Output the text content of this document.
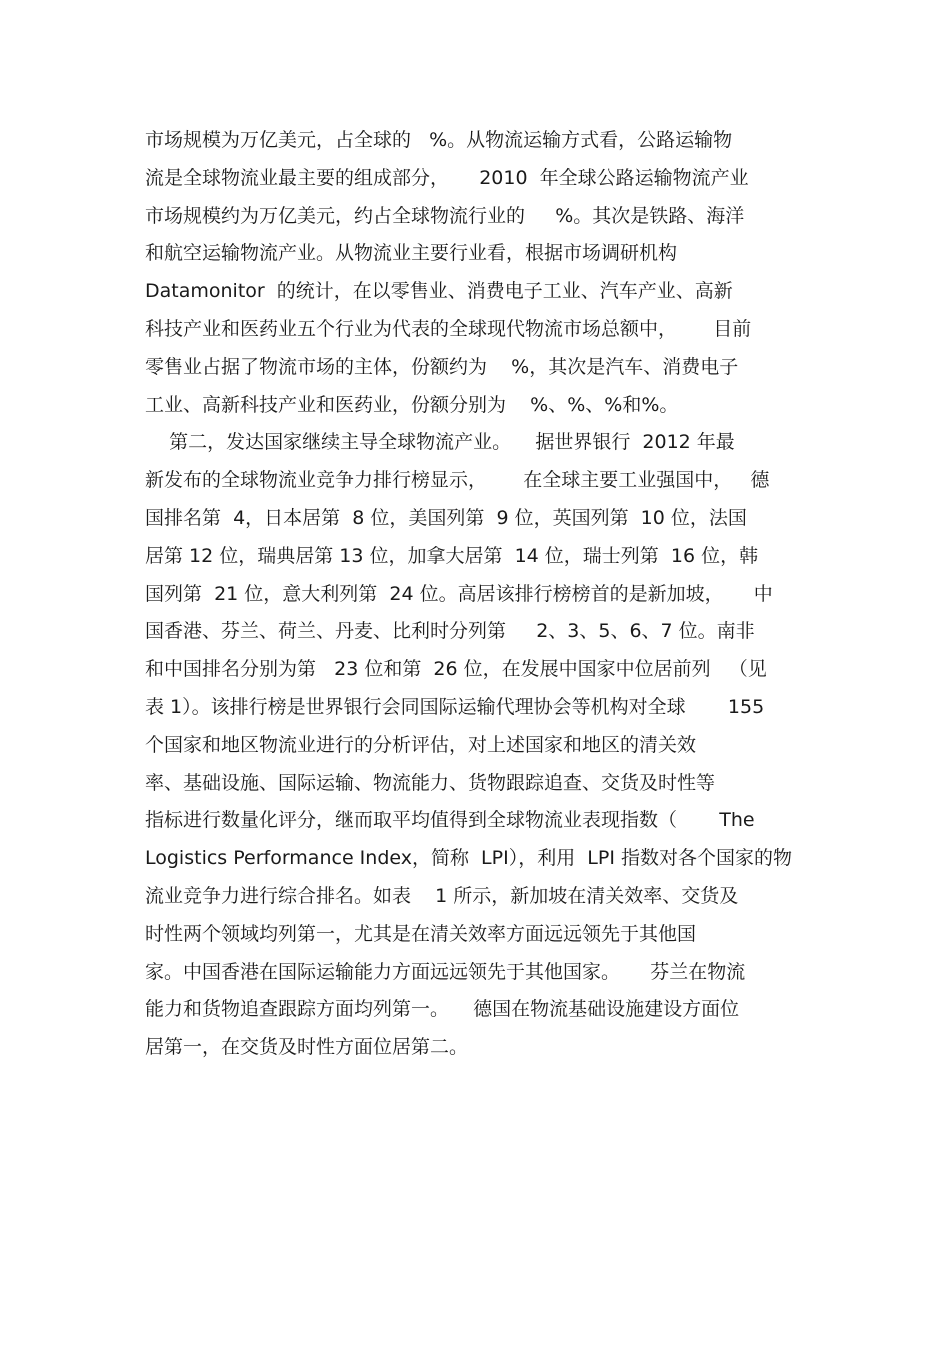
市场规模为万亿美元，占全球的   %。从物流运输方式看，公路运输物
流是全球物流业最主要的组成部分，     2010  年全球公路运输物流产业
市场规模约为万亿美元，约占全球物流行业的     %。其次是铁路、海洋
和航空运输物流产业。从物流业主要行业看，根据市场调研机构
Datamonitor  的统计，在以零售业、消费电子工业、汽车产业、高新
科技产业和医药业五个行业为代表的全球现代物流市场总额中，      目前
零售业占据了物流市场的主体，份额约为    %，其次是汽车、消费电子
工业、高新科技产业和医药业，份额分别为    %、%、%和%。
第二，发达国家继续主导全球物流产业。    据世界银行  2012 年最
新发布的全球物流业竞争力排行榜显示，      在全球主要工业强国中，   德
国排名第  4，日本居第  8 位，美国列第  9 位，英国列第  10 位，法国
居第 12 位，瑞典居第 13 位，加拿大居第  14 位，瑞士列第  16 位，韩
国列第  21 位，意大利列第  24 位。高居该排行榜榜首的是新加坡，     中
国香港、芬兰、荷兰、丹麦、比利时分列第     2、3、5、6、7 位。南非
和中国排名分别为第   23 位和第  26 位，在发展中国家中位居前列   （见
表 1）。该排行榜是世界银行会同国际运输代理协会等机构对全球       155
个国家和地区物流业进行的分析评估，对上述国家和地区的清关效
率、基础设施、国际运输、物流能力、货物跟踪追查、交货及时性等
指标进行数量化评分，继而取平均值得到全球物流业表现指数（       The
Logistics Performance Index，简称  LPI），利用  LPI 指数对各个国家的物
流业竞争力进行综合排名。如表    1 所示，新加坡在清关效率、交货及
时性两个领域均列第一，尤其是在清关效率方面远远领先于其他国
家。中国香港在国际运输能力方面远远领先于其他国家。     芬兰在物流
能力和货物追查跟踪方面均列第一。    德国在物流基础设施建设方面位
居第一，在交货及时性方面位居第二。
